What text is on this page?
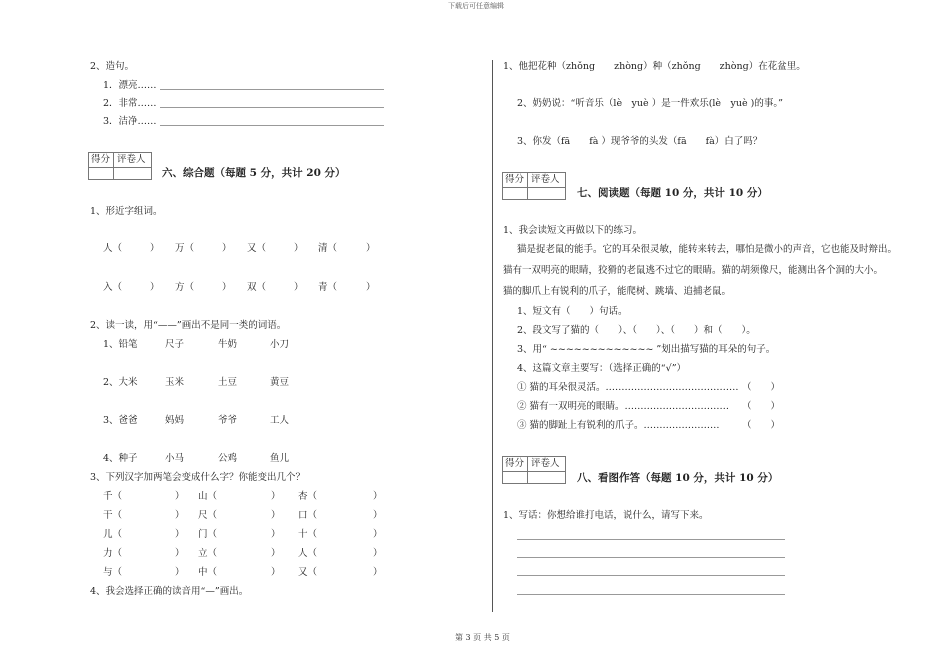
下载后可任意编辑
第 3 页 共 5 页
2、造句。
1．漂亮……
2．非常……
3．洁净……
得分 评卷人
六、综合题（每题 5 分，共计 20 分）
1、形近字组词。
人（	） 万（	） 又（	） 清（	）
入（	） 方（	） 双（	） 青（	）
2、读一读，用“——”画出不是同一类的词语。
1、铅笔	尺子	牛奶	小刀
2、大米	玉米	土豆	黄豆
3、爸爸	妈妈	爷爷	工人
4、种子	小马	公鸡	鱼儿
3、下列汉字加两笔会变成什么字？你能变出几个？
千（	） 山（	） 杏（	）
干（	） 尺（	） 口（	）
儿（	） 门（	） 十（	）
力（	） 立（	） 人（	）
与（	） 中（	） 又（	）
4、我会选择正确的读音用“—”画出。
1、他把花种（zhǒng　　zhòng）种（zhǒng　　zhòng）在花盆里。
2、奶奶说：“听音乐（lè　yuè ）是一件欢乐(lè　yuè )的事。”
3、你发（fā　　fà ）现爷爷的头发（fā　　fà）白了吗？
得分 评卷人
七、阅读题（每题 10 分，共计 10 分）
1、我会读短文再做以下的练习。
猫是捉老鼠的能手。它的耳朵很灵敏，能转来转去，哪怕是微小的声音，它也能及时辩出。
猫有一双明亮的眼睛，狡猾的老鼠逃不过它的眼睛。猫的胡须像尺，能测出各个洞的大小。
猫的脚爪上有锐利的爪子，能爬树、跳墙、追捕老鼠。
1、短文有（　　）句话。
2、段文写了猫的（　　）、（　　）、（　　）和（　　）。
3、用“ ~~~~~~~~~~~~~ ”划出描写猫的耳朵的句子。
4、这篇文章主要写：（选择正确的“√”）
① 猫的耳朵很灵活。…………………………………… （　　）
② 猫有一双明亮的眼睛。…………………………… （　　）
③ 猫的脚趾上有锐利的爪子。…………………… （　　）
得分 评卷人
八、看图作答（每题 10 分，共计 10 分）
1、写话：你想给谁打电话，说什么，请写下来。
